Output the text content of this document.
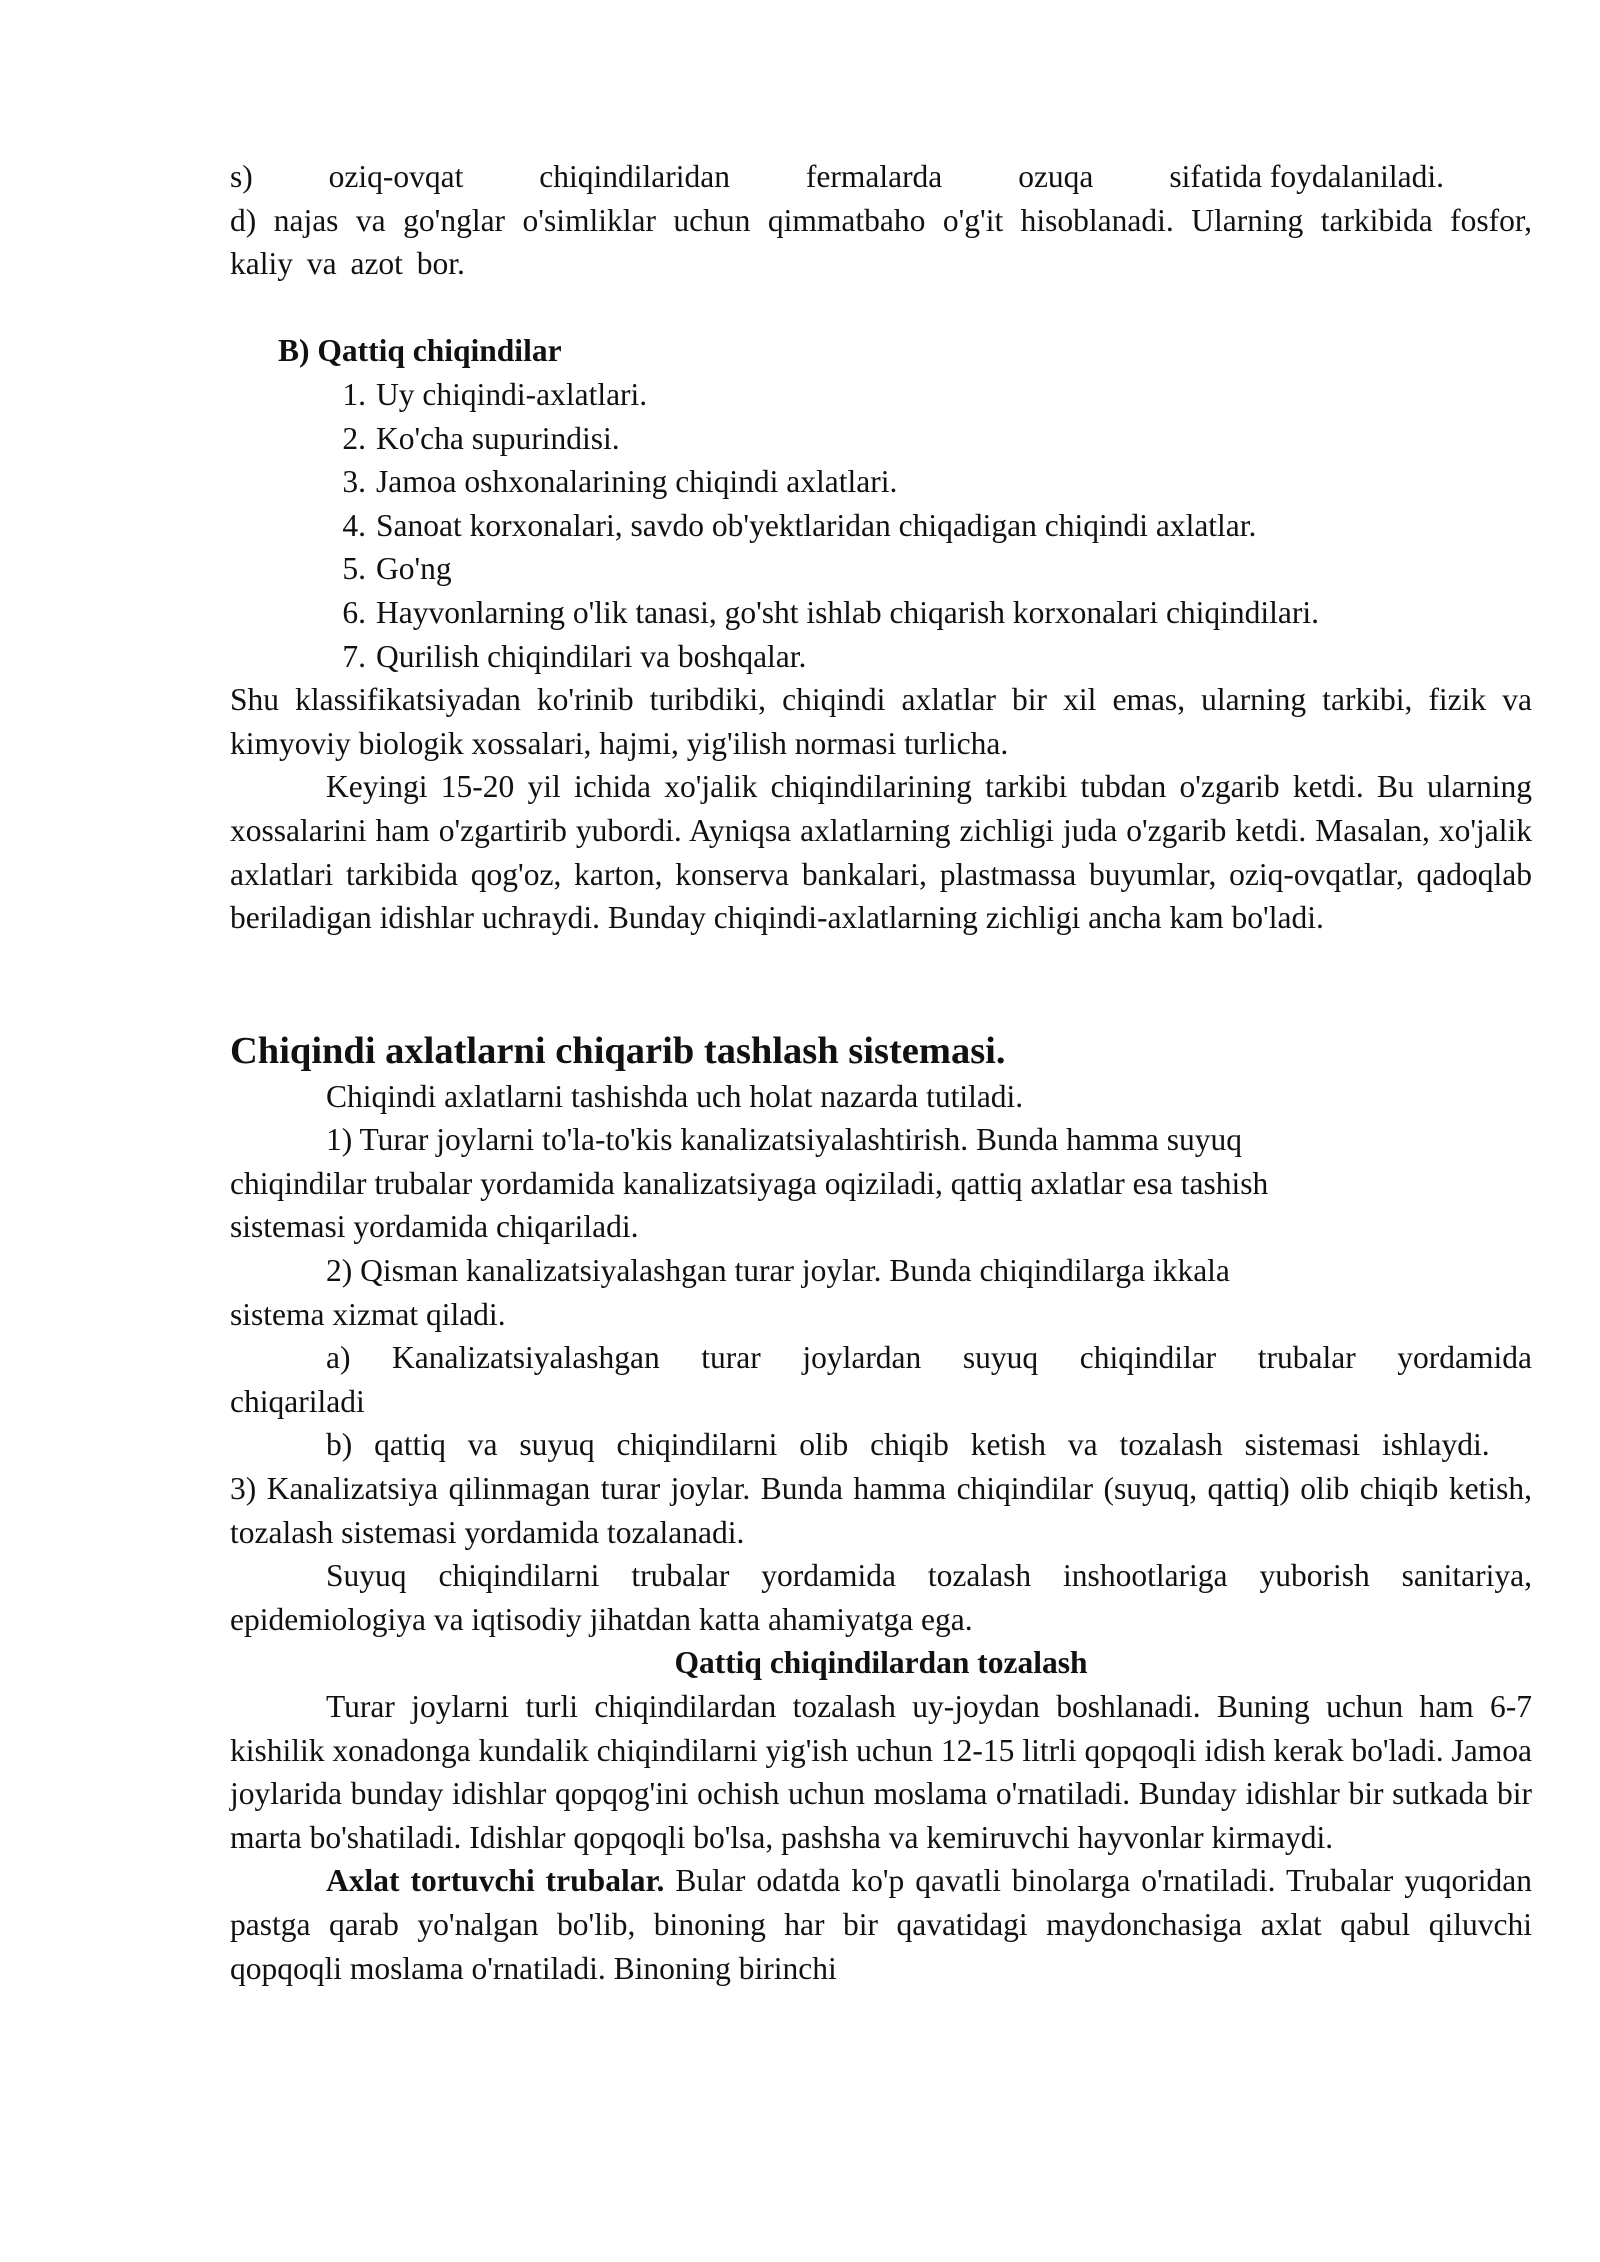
s) oziq-ovqat chiqindilaridan fermalarda ozuqa sifatida foydalaniladi.

d) najas va go'nglar o'simliklar uchun qimmatbaho o'g'it hisoblanadi. Ularning tarkibida fosfor, kaliy va azot bor.

B) Qattiq chiqindilar

1. Uy chiqindi-axlatlari.
2. Ko'cha supurindisi.
3. Jamoa oshxonalarining chiqindi axlatlari.
4. Sanoat korxonalari, savdo ob'yektlaridan chiqadigan chiqindi axlatlar.
5. Go'ng
6. Hayvonlarning o'lik tanasi, go'sht ishlab chiqarish korxonalari chiqindilari.
7. Qurilish chiqindilari va boshqalar.

Shu klassifikatsiyadan ko'rinib turibdiki, chiqindi axlatlar bir xil emas, ularning tarkibi, fizik va kimyoviy biologik xossalari, hajmi, yig'ilish normasi turlicha.

Keyingi 15-20 yil ichida xo'jalik chiqindilarining tarkibi tubdan o'zgarib ketdi. Bu ularning xossalarini ham o'zgartirib yubordi. Ayniqsa axlatlarning zichligi juda o'zgarib ketdi. Masalan, xo'jalik axlatlari tarkibida qog'oz, karton, konserva bankalari, plastmassa buyumlar, oziq-ovqatlar, qadoqlab beriladigan idishlar uchraydi. Bunday chiqindi-axlatlarning zichligi ancha kam bo'ladi.

Chiqindi axlatlarni chiqarib tashlash sistemasi.

Chiqindi axlatlarni tashishda uch holat nazarda tutiladi.

1) Turar joylarni to'la-to'kis kanalizatsiyalashtirish. Bunda hamma suyuq
chiqindilar trubalar yordamida kanalizatsiyaga oqiziladi, qattiq axlatlar esa tashish
sistemasi yordamida chiqariladi.
2) Qisman kanalizatsiyalashgan turar joylar. Bunda chiqindilarga ikkala
sistema xizmat qiladi.

a) Kanalizatsiyalashgan turar joylardan suyuq chiqindilar trubalar yordamida chiqariladi

b) qattiq va suyuq chiqindilarni olib chiqib ketish va tozalash sistemasi ishlaydi.

3) Kanalizatsiya qilinmagan turar joylar. Bunda hamma chiqindilar (suyuq, qattiq) olib chiqib ketish, tozalash sistemasi yordamida tozalanadi.

Suyuq chiqindilarni trubalar yordamida tozalash inshootlariga yuborish sanitariya, epidemiologiya va iqtisodiy jihatdan katta ahamiyatga ega.

Qattiq chiqindilardan tozalash

Turar joylarni turli chiqindilardan tozalash uy-joydan boshlanadi. Buning uchun ham 6-7 kishilik xonadonga kundalik chiqindilarni yig'ish uchun 12-15 litrli qopqoqli idish kerak bo'ladi. Jamoa joylarida bunday idishlar qopqog'ini ochish uchun moslama o'rnatiladi. Bunday idishlar bir sutkada bir marta bo'shatiladi. Idishlar qopqoqli bo'lsa, pashsha va kemiruvchi hayvonlar kirmaydi.

Axlat tortuvchi trubalar. Bular odatda ko'p qavatli binolarga o'rnatiladi. Trubalar yuqoridan pastga qarab yo'nalgan bo'lib, binoning har bir qavatidagi maydonchasiga axlat qabul qiluvchi qopqoqli moslama o'rnatiladi. Binoning birinchi
